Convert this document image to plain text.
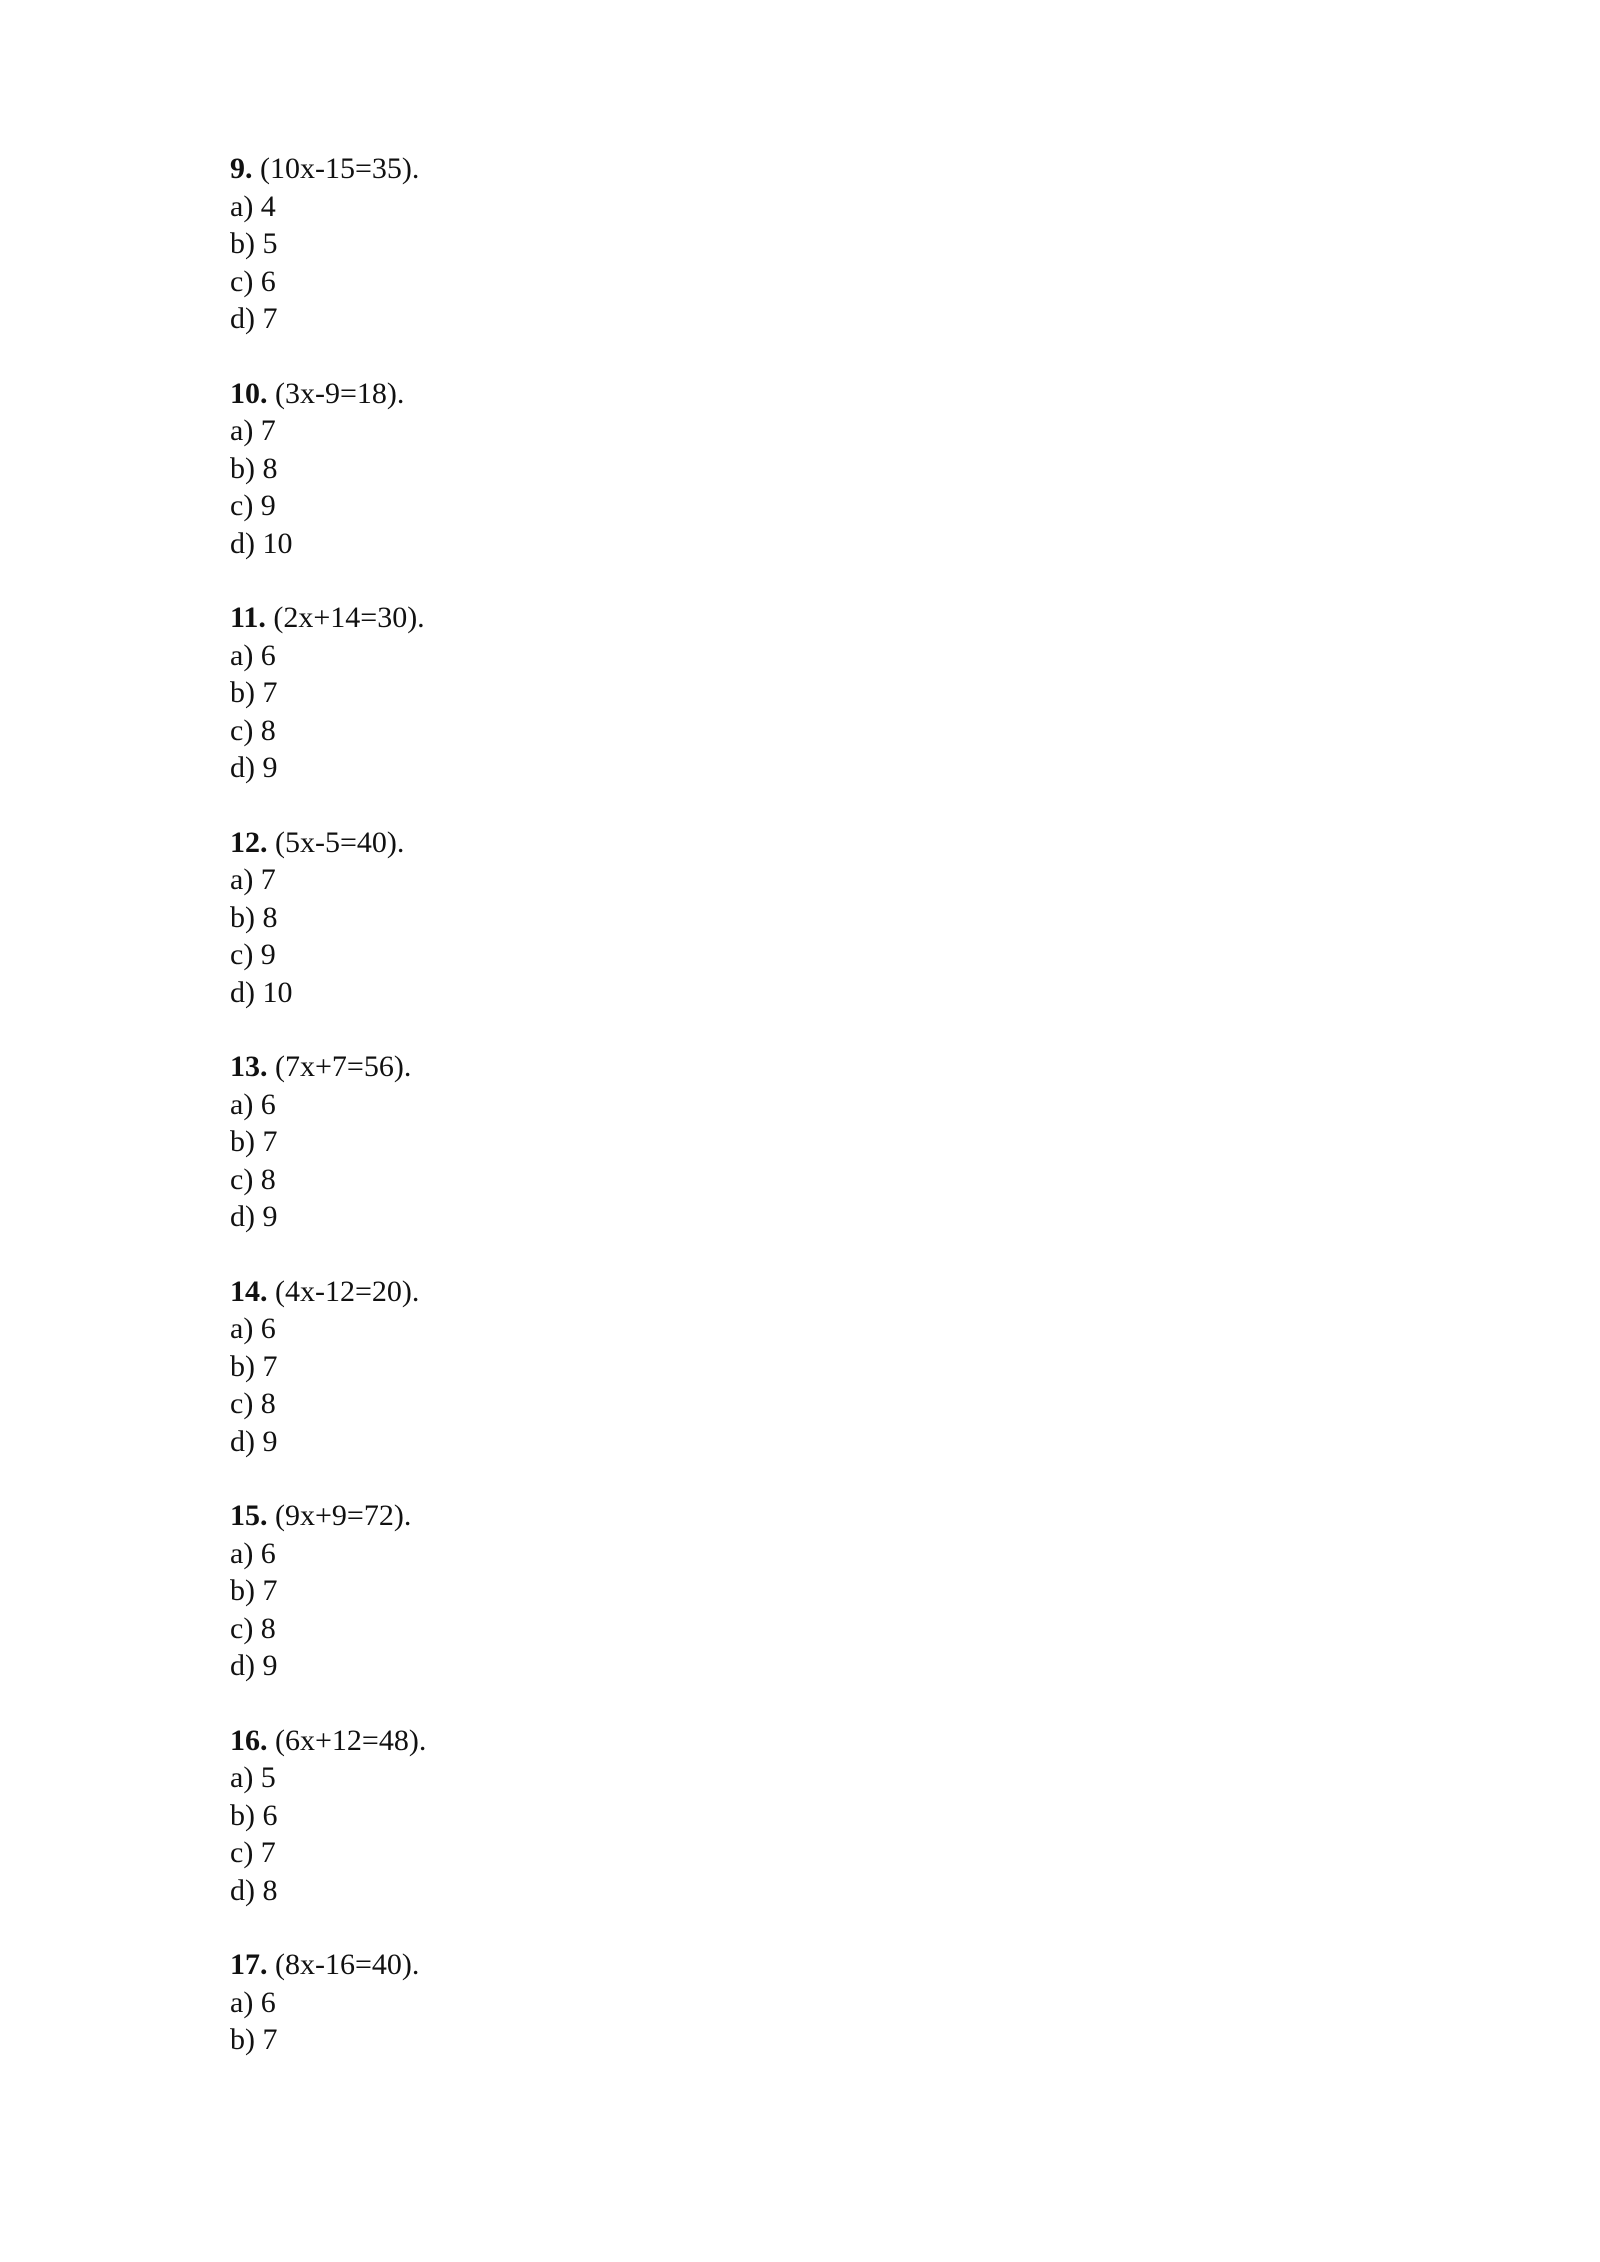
9. (10x-15=35).
a) 4
b) 5
c) 6
d) 7
10. (3x-9=18).
a) 7
b) 8
c) 9
d) 10
11. (2x+14=30).
a) 6
b) 7
c) 8
d) 9
12. (5x-5=40).
a) 7
b) 8
c) 9
d) 10
13. (7x+7=56).
a) 6
b) 7
c) 8
d) 9
14. (4x-12=20).
a) 6
b) 7
c) 8
d) 9
15. (9x+9=72).
a) 6
b) 7
c) 8
d) 9
16. (6x+12=48).
a) 5
b) 6
c) 7
d) 8
17. (8x-16=40).
a) 6
b) 7
